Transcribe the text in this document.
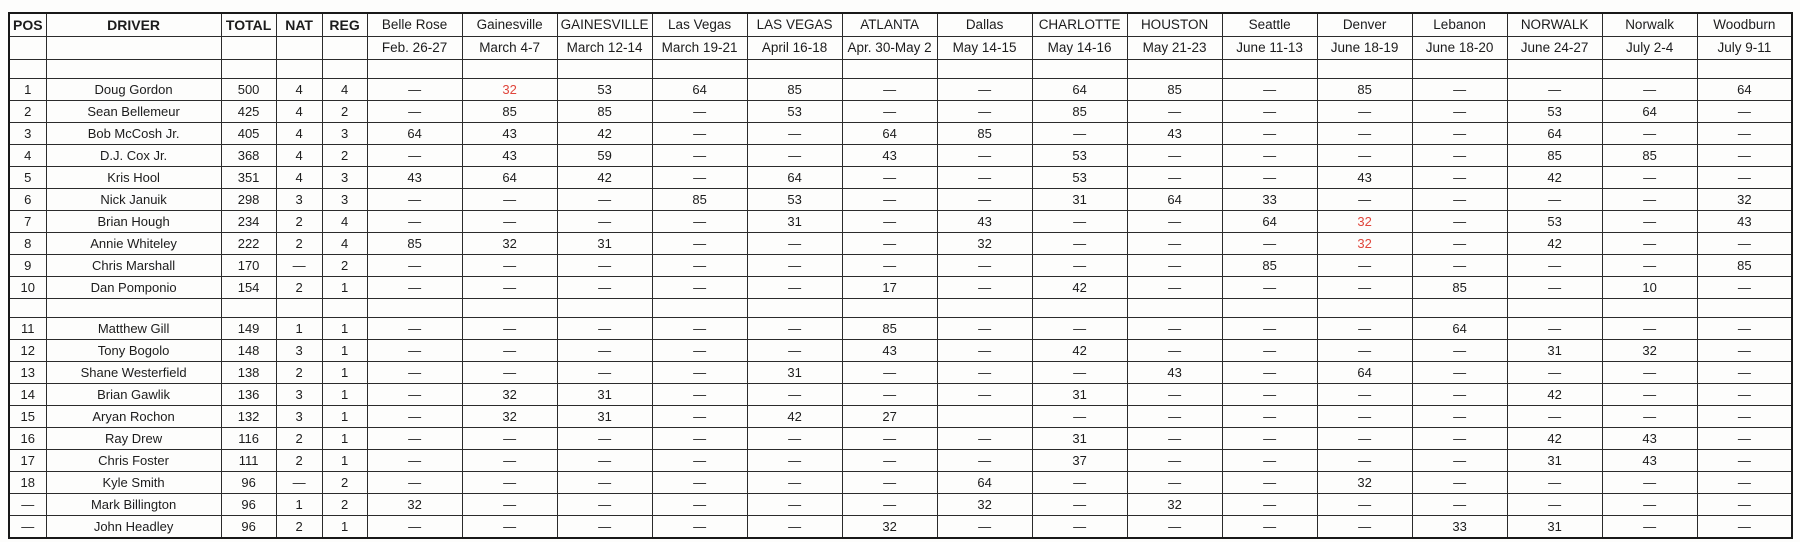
POS	DRIVER	TOTAL	NAT	REG	Belle Rose	Gainesville	GAINESVILLE	Las Vegas	LAS VEGAS	ATLANTA	Dallas	CHARLOTTE	HOUSTON	Seattle	Denver	Lebanon	NORWALK	Norwalk	Woodburn
					Feb. 26-27	March 4-7	March 12-14	March 19-21	April 16-18	Apr. 30-May 2	May 14-15	May 14-16	May 21-23	June 11-13	June 18-19	June 18-20	June 24-27	July 2-4	July 9-11

1	Doug Gordon	500	4	4	—	32	53	64	85	—	—	64	85	—	85	—	—	—	64
2	Sean Bellemeur	425	4	2	—	85	85	—	53	—	—	85	—	—	—	—	53	64	—
3	Bob McCosh Jr.	405	4	3	64	43	42	—	—	64	85	—	43	—	—	—	64	—	—
4	D.J. Cox Jr.	368	4	2	—	43	59	—	—	43	—	53	—	—	—	—	85	85	—
5	Kris Hool	351	4	3	43	64	42	—	64	—	—	53	—	—	43	—	42	—	—
6	Nick Januik	298	3	3	—	—	—	85	53	—	—	31	64	33	—	—	—	—	32
7	Brian Hough	234	2	4	—	—	—	—	31	—	43	—	—	64	32	—	53	—	43
8	Annie Whiteley	222	2	4	85	32	31	—	—	—	32	—	—	—	32	—	42	—	—
9	Chris Marshall	170	—	2	—	—	—	—	—	—	—	—	—	85	—	—	—	—	85
10	Dan Pomponio	154	2	1	—	—	—	—	—	17	—	42	—	—	—	85	—	10	—

11	Matthew Gill	149	1	1	—	—	—	—	—	85	—	—	—	—	—	64	—	—	—
12	Tony Bogolo	148	3	1	—	—	—	—	—	43	—	42	—	—	—	—	31	32	—
13	Shane Westerfield	138	2	1	—	—	—	—	31	—	—	—	43	—	64	—	—	—	—
14	Brian Gawlik	136	3	1	—	32	31	—	—	—	—	31	—	—	—	—	42	—	—
15	Aryan Rochon	132	3	1	—	32	31	—	42	27		—	—	—	—	—	—	—	—
16	Ray Drew	116	2	1	—	—	—	—	—	—	—	31	—	—	—	—	42	43	—
17	Chris Foster	111	2	1	—	—	—	—	—	—	—	37	—	—	—	—	31	43	—
18	Kyle Smith	96	—	2	—	—	—	—	—	—	64	—	—	—	32	—	—	—	—
—	Mark Billington	96	1	2	32	—	—	—	—	—	32	—	32	—	—	—	—	—	—
—	John Headley	96	2	1	—	—	—	—	—	32	—	—	—	—	—	33	31	—	—
